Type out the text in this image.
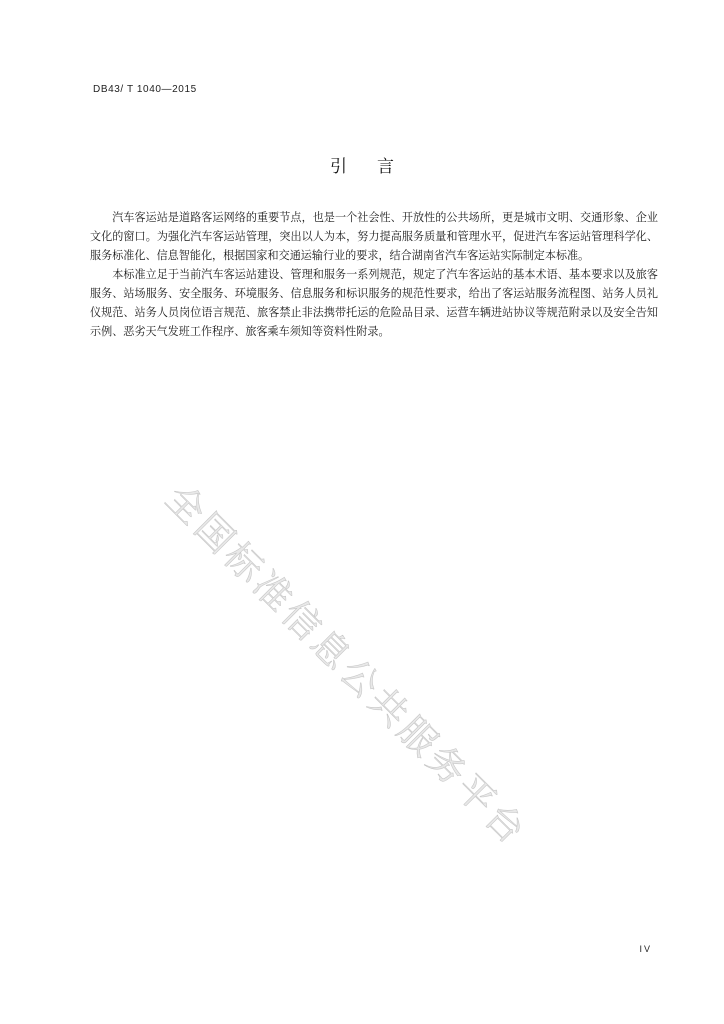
DB43/ T 1040—2015
引言

汽车客运站是道路客运网络的重要节点，也是一个社会性、开放性的公共场所，更是城市文明、交通形象、企业文化的窗口。为强化汽车客运站管理，突出以人为本，努力提高服务质量和管理水平，促进汽车客运站管理科学化、服务标准化、信息智能化，根据国家和交通运输行业的要求，结合湖南省汽车客运站实际制定本标准。

本标准立足于当前汽车客运站建设、管理和服务一系列规范，规定了汽车客运站的基本术语、基本要求以及旅客服务、站场服务、安全服务、环境服务、信息服务和标识服务的规范性要求，给出了客运站服务流程图、站务人员礼仪规范、站务人员岗位语言规范、旅客禁止非法携带托运的危险品目录、运营车辆进站协议等规范附录以及安全告知示例、恶劣天气发班工作程序、旅客乘车须知等资料性附录。

全国标准信息公共服务平台
IV
